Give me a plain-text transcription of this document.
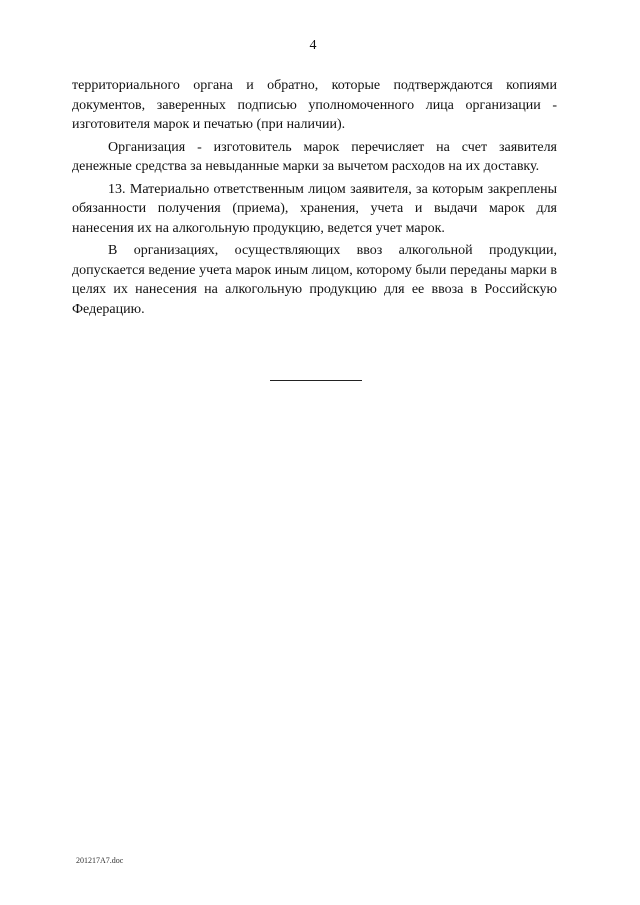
4

территориального органа и обратно, которые подтверждаются копиями документов, заверенных подписью уполномоченного лица организации - изготовителя марок и печатью (при наличии).

Организация - изготовитель марок перечисляет на счет заявителя денежные средства за невыданные марки за вычетом расходов на их доставку.

13. Материально ответственным лицом заявителя, за которым закреплены обязанности получения (приема), хранения, учета и выдачи марок для нанесения их на алкогольную продукцию, ведется учет марок.

В организациях, осуществляющих ввоз алкогольной продукции, допускается ведение учета марок иным лицом, которому были переданы марки в целях их нанесения на алкогольную продукцию для ее ввоза в Российскую Федерацию.

201217А7.doc
